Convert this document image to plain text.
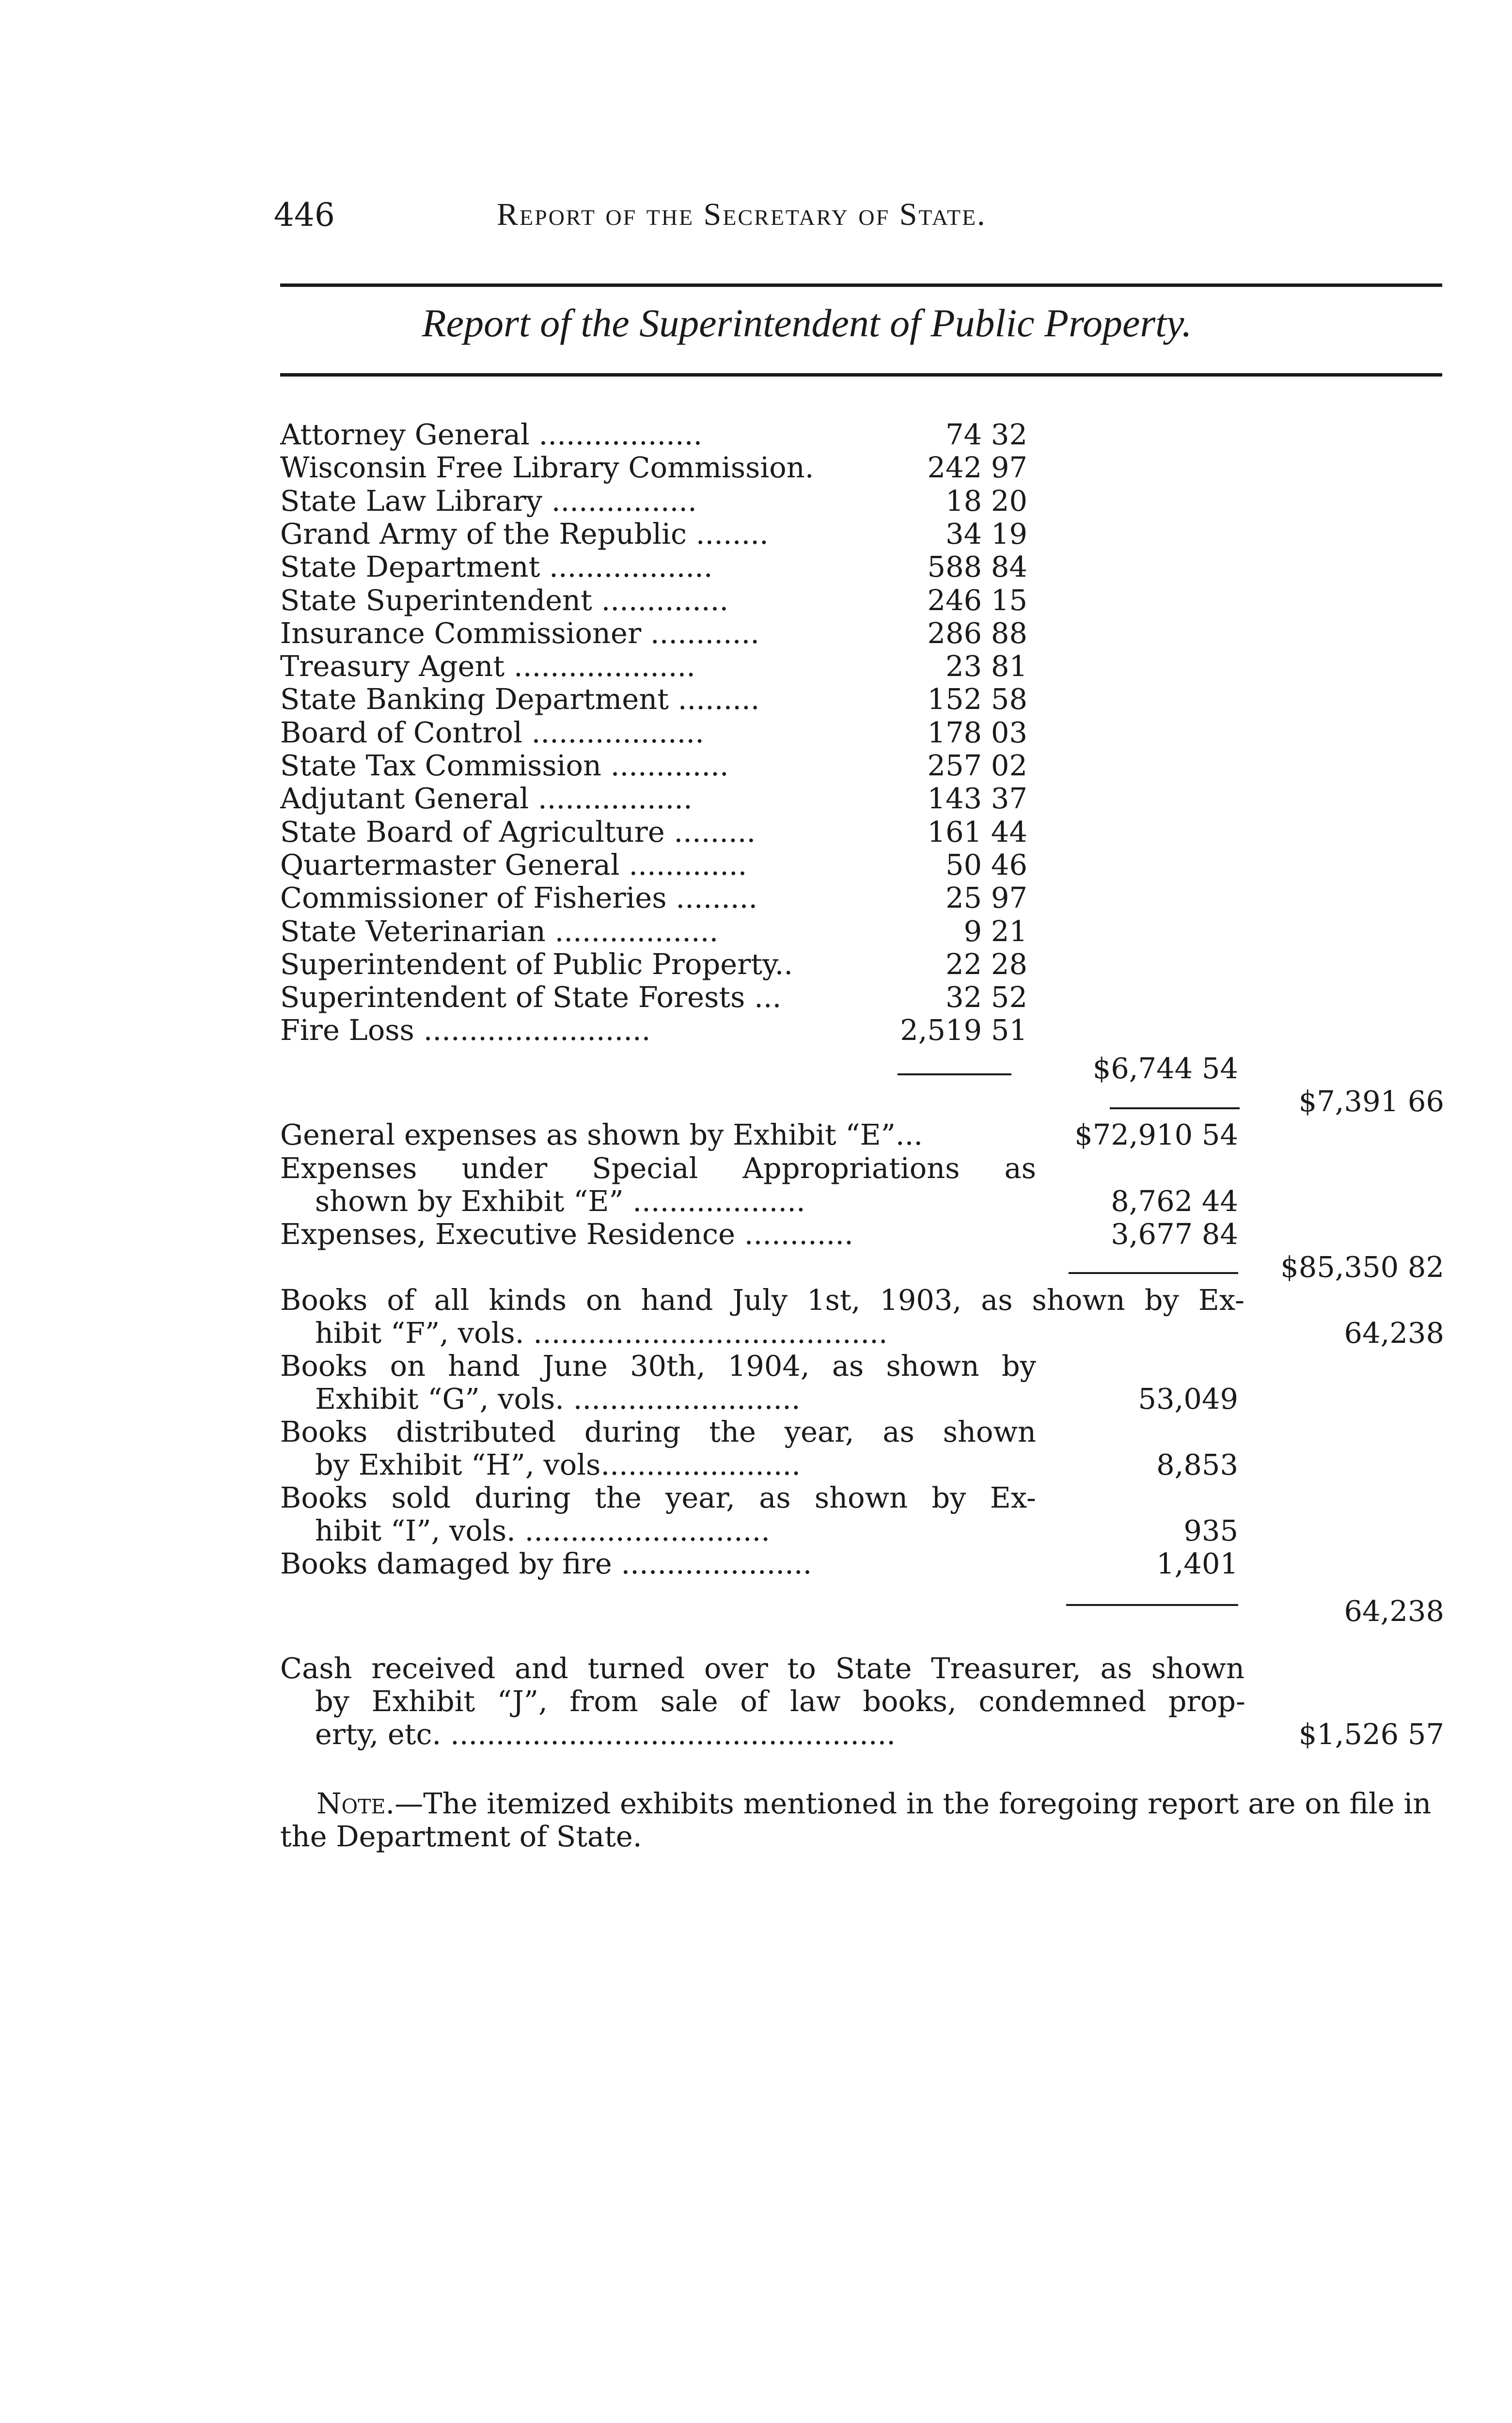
446	Report of the Secretary of State.
Report of the Superintendent of Public Property.
Attorney General ..................	74 32
Wisconsin Free Library Commission.	242 97
State Law Library ................	18 20
Grand Army of the Republic ........	34 19
State Department ..................	588 84
State Superintendent ..............	246 15
Insurance Commissioner ............	286 88
Treasury Agent ....................	23 81
State Banking Department .........	152 58
Board of Control ...................	178 03
State Tax Commission .............	257 02
Adjutant General .................	143 37
State Board of Agriculture .........	161 44
Quartermaster General .............	50 46
Commissioner of Fisheries .........	25 97
State Veterinarian ..................	9 21
Superintendent of Public Property..	22 28
Superintendent of State Forests ...	32 52
Fire Loss .........................	2,519 51
$6,744 54
$7,391 66
General expenses as shown by Exhibit “E”...	$72,910 54
Expenses under Special Appropriations as
shown by Exhibit “E” ...................	8,762 44
Expenses, Executive Residence ............	3,677 84
$85,350 82
Books of all kinds on hand July 1st, 1903, as shown by Ex-
hibit “F”, vols. .......................................	64,238
Books on hand June 30th, 1904, as shown by
Exhibit “G”, vols. .........................	53,049
Books distributed during the year, as shown
by Exhibit “H”, vols......................	8,853
Books sold during the year, as shown by Ex-
hibit “I”, vols. ...........................	935
Books damaged by fire .....................	1,401
64,238
Cash received and turned over to State Treasurer, as shown
by Exhibit “J”, from sale of law books, condemned prop-
erty, etc. .................................................	$1,526 57
Note.—The itemized exhibits mentioned in the foregoing report are on file in the Department of State.
